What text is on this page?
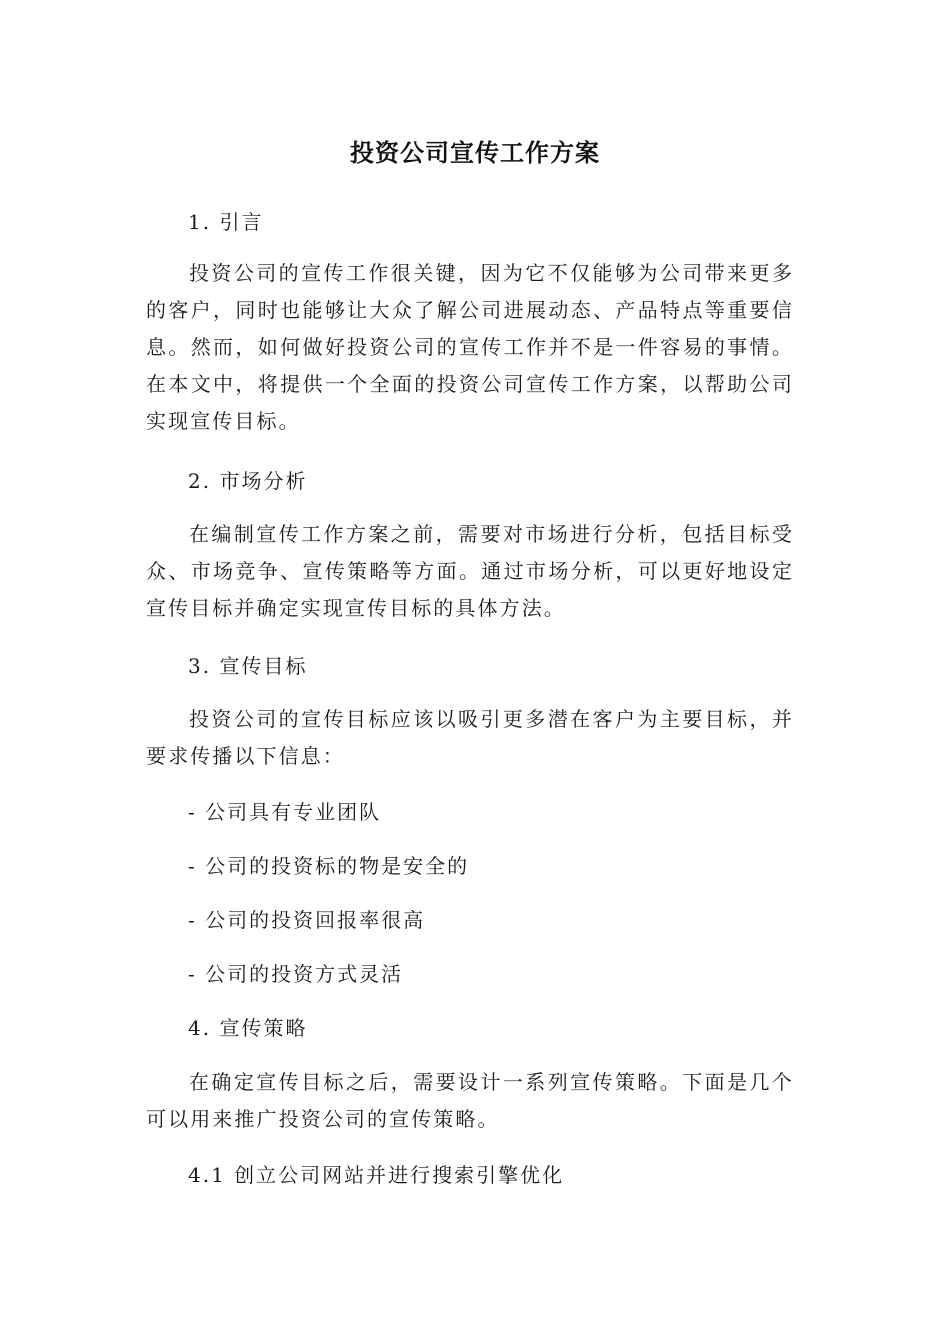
投资公司宣传工作方案
1. 引言
投资公司的宣传工作很关键，因为它不仅能够为公司带来更多的客户，同时也能够让大众了解公司进展动态、产品特点等重要信息。然而，如何做好投资公司的宣传工作并不是一件容易的事情。在本文中，将提供一个全面的投资公司宣传工作方案，以帮助公司实现宣传目标。
2. 市场分析
在编制宣传工作方案之前，需要对市场进行分析，包括目标受众、市场竞争、宣传策略等方面。通过市场分析，可以更好地设定宣传目标并确定实现宣传目标的具体方法。
3. 宣传目标
投资公司的宣传目标应该以吸引更多潜在客户为主要目标，并要求传播以下信息：
- 公司具有专业团队
- 公司的投资标的物是安全的
- 公司的投资回报率很高
- 公司的投资方式灵活
4. 宣传策略
在确定宣传目标之后，需要设计一系列宣传策略。下面是几个可以用来推广投资公司的宣传策略。
4.1 创立公司网站并进行搜索引擎优化
